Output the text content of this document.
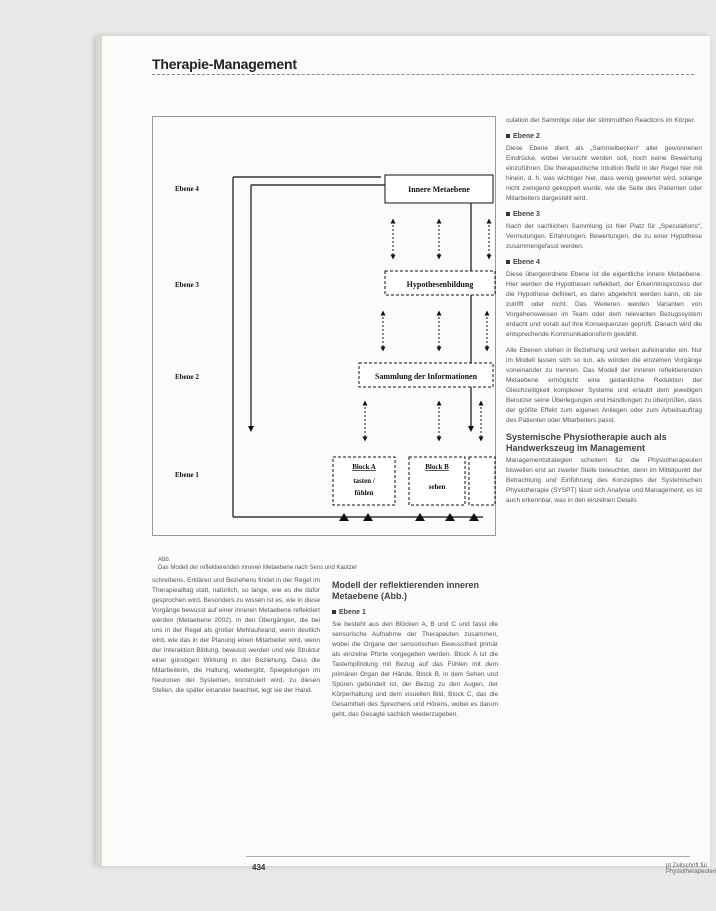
Therapie-Management
Ebene 4
Ebene 3
Ebene 2
Ebene 1
Innere Metaebene
Hypothesenbildung
Sammlung der Informationen
Block A
tasten /
fühlen
Block B
sehen
Abb.
Das Modell der reflektierenden inneren Metaebene nach Sens und Kautzer

culation der Sammlige oder der stimmulthen Reactions im Körper.

Ebene 2

Diese Ebene dient als „Sammelbecken“ aller gewonnenen Eindrücke, wobei versucht werden soll, noch keine Bewertung einzuführen. Die therapeutische Intuition fließt in der Regel hier mit hinein, d. h. was wichtiger hier, dass wenig gewertet wird, solange nicht zwingend gekoppelt wurde, wie die Seite des Patienten oder Mitarbeiters dargestellt wird.

Ebene 3

Nach der sachlichen Sammlung ist hier Platz für „Speculations“, Vermutungen, Erfahrungen, Bewertungen, die zu einer Hypothese zusammengefasst werden.

Ebene 4

Diese übergeordnete Ebene ist die eigentliche innere Metaebene. Hier werden die Hypothesen reflektiert, der Erkenntnisprozess der die Hypothese definiert, es dann abgelehnt werden kann, ob sie zutrifft oder nicht. Das Weiteren werden Varianten von Vorgehensweisen im Team oder dem relevanten Bezugssystem erdacht und vorab auf ihre Konsequenzen geprüft. Danach wird die entsprechende Kommunikationsform gewählt.

Alle Ebenen stehen in Beziehung und wirken aufeinander ein. Nur im Modell lassen sich so tun, als würden die einzelnen Vorgänge voneinander zu trennen. Das Modell der inneren reflektierenden Metaebene ermöglicht eine gedankliche Reduktion der Gleichzeitigkeit komplexer Systeme und erlaubt dem jeweiligen Benutzer seine Überlegungen und Handlungen zu überprüfen, dass der größte Effekt zum eigenen Anliegen oder zum Arbeitsauftrag des Patienten oder Mitarbeiters passt.

Systemische Physiotherapie auch als Handwerkszeug im Management

Managementstrategien scheitern für die Physiotherapeuten bisweilen erst an zweiter Stelle beleuchtet, denn im Mittelpunkt der Betrachtung und Einführung des Konzeptes der Systemischen Physiotherapie (SYSPT) lässt sich Analyse und Management, es ist auch erkennbar, was in den einzelnen Details

schreibens, Erklären und Beziehens findet in der Regel im Therapiealltag statt, natürlich, so lange, wie es die dafür gesprochen wird. Besonders zu wissen ist es, wie in diese Vorgänge bewusst auf einer inneren Metaebene reflektiert werden (Metaebene 2002). In den Übergängen, die bei uns in der Regel als großer Mehlaufwand, wenn deutlich wird, wie das in der Planung einen Mitarbeiter wird, wenn der Interaktion Bildung, bewusst werden und wie Struktur einer günstigen Wirkung in der Beziehung. Dass die Mitarbeiterin, die Haltung, wiedergibt, Spiegelungen im Neuronen der Systemen, konstruiert wird, zu diesen Stellen, die später einander beachtet, legt sie der Hand.

Modell der reflektierenden inneren Metaebene (Abb.)
Ebene 1

Sie besteht aus den Blöcken A, B und C und fasst die sensorische Aufnahme der Therapeuten zusammen, wobei die Organe der sensorischen Bewusstheit primär als einzelne Pforte vorgegeben werden. Block A ist die Tastempfindung mit Bezug auf das Fühlen mit dem primären Organ der Hände, Block B, in dem Sehen und Spüren gebündelt ist, der Bezug zu den Augen, der Körperhaltung und dem visuellen Bild, Block C, das die Gesamtheit des Sprechens und Hörens, wobei es darum geht, das Gesagte sachlich wiederzugeben.

434	pt Zeitschrift für Physiotherapeuten
